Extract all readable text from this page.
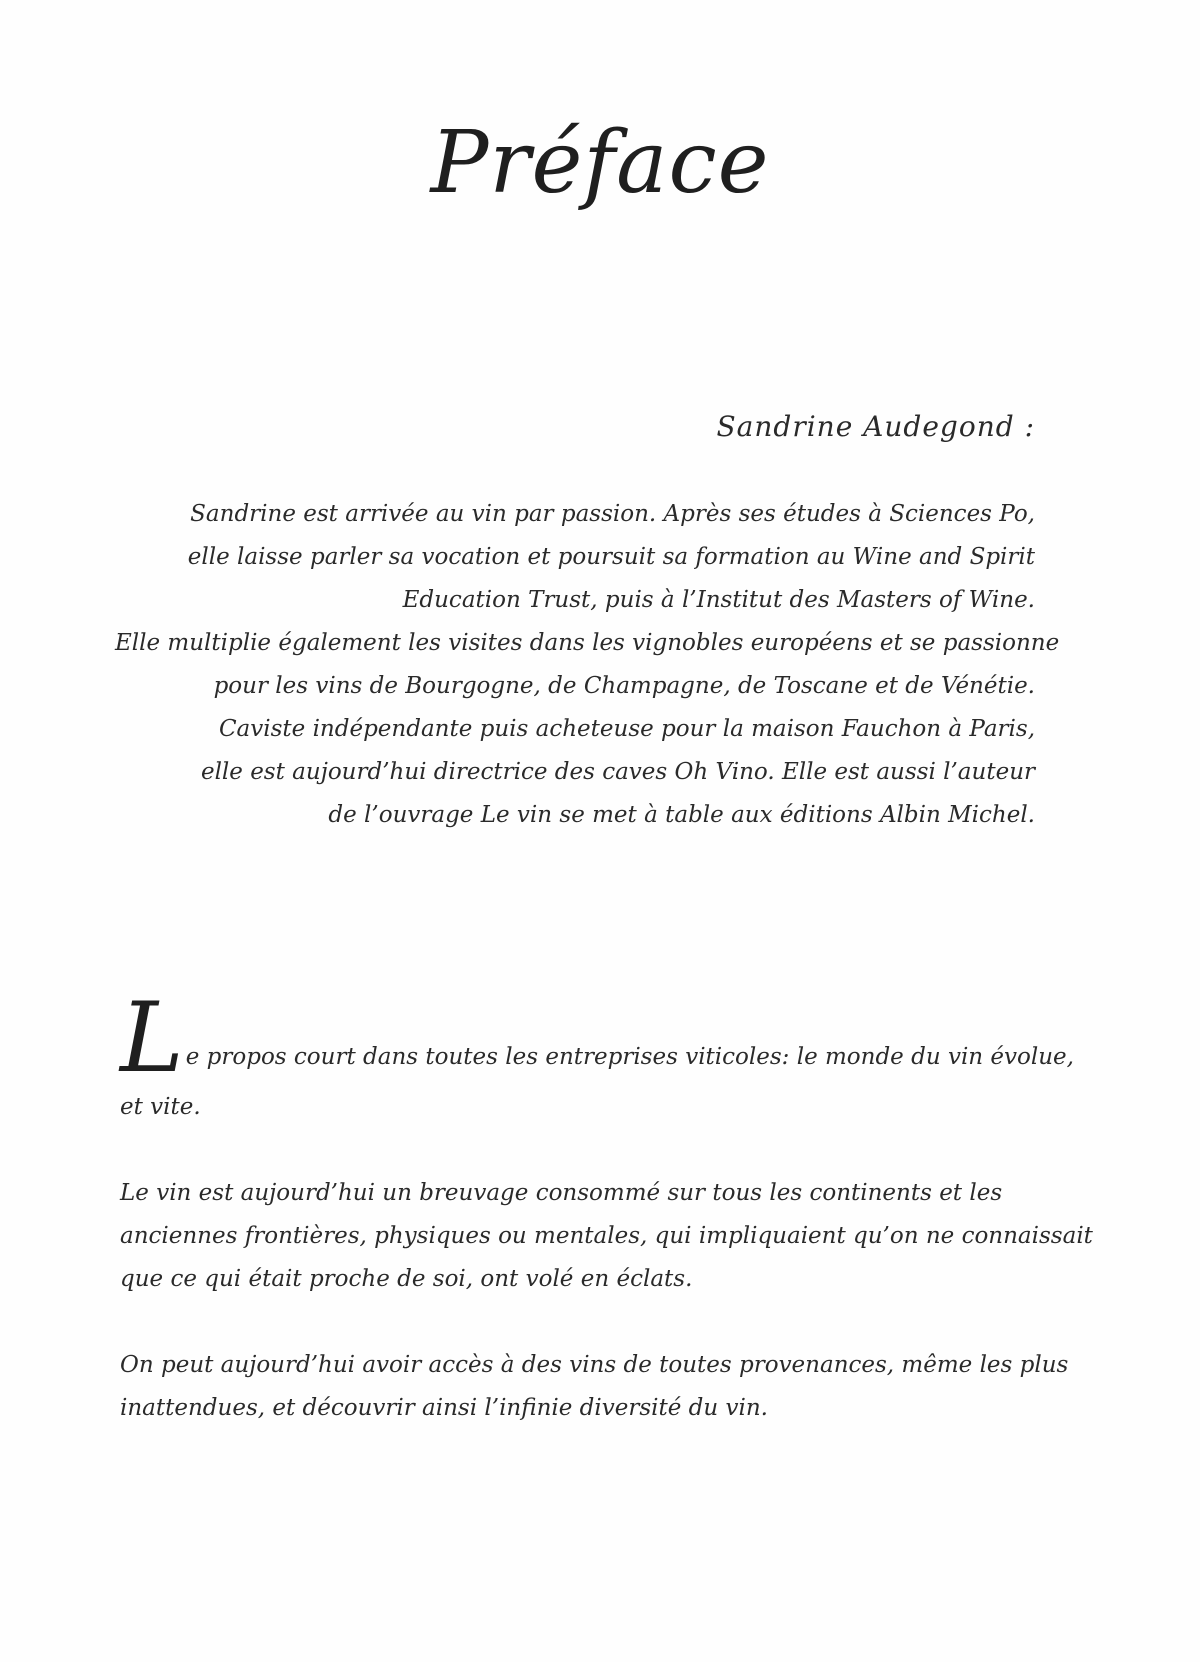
Préface
Sandrine Audegond :
Sandrine est arrivée au vin par passion. Après ses études à Sciences Po,
elle laisse parler sa vocation et poursuit sa formation au Wine and Spirit
Education Trust, puis à l’Institut des Masters of Wine.
Elle multiplie également les visites dans les vignobles européens et se passionne
pour les vins de Bourgogne, de Champagne, de Toscane et de Vénétie.
Caviste indépendante puis acheteuse pour la maison Fauchon à Paris,
elle est aujourd’hui directrice des caves Oh Vino. Elle est aussi l’auteur
de l’ouvrage Le vin se met à table aux éditions Albin Michel.
L e propos court dans toutes les entreprises viticoles: le monde du vin évolue,
et vite.
Le vin est aujourd’hui un breuvage consommé sur tous les continents et les
anciennes frontières, physiques ou mentales, qui impliquaient qu’on ne connaissait
que ce qui était proche de soi, ont volé en éclats.
On peut aujourd’hui avoir accès à des vins de toutes provenances, même les plus
inattendues, et découvrir ainsi l’infinie diversité du vin.
